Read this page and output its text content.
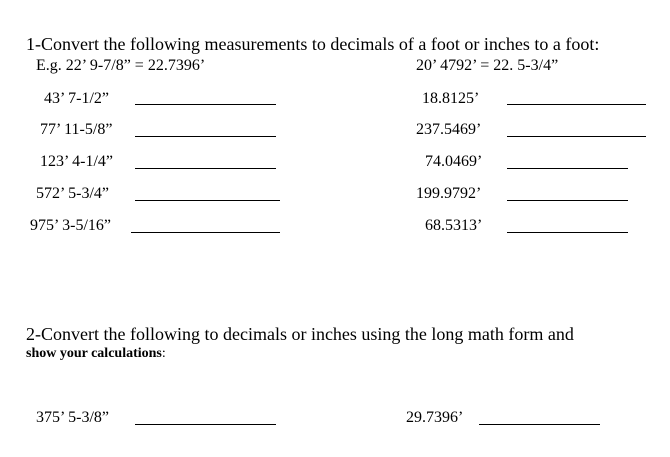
1-Convert the following measurements to decimals of a foot or inches to a foot:
E.g. 22’ 9-7/8” = 22.7396’	20’ 4792’ = 22. 5-3/4”
43’ 7-1/2”
77’ 11-5/8”
123’ 4-1/4”
572’ 5-3/4”
975’ 3-5/16”
18.8125’
237.5469’
74.0469’
199.9792’
68.5313’
2-Convert the following to decimals or inches using the long math form and
show your calculations:
375’ 5-3/8”	29.7396’
